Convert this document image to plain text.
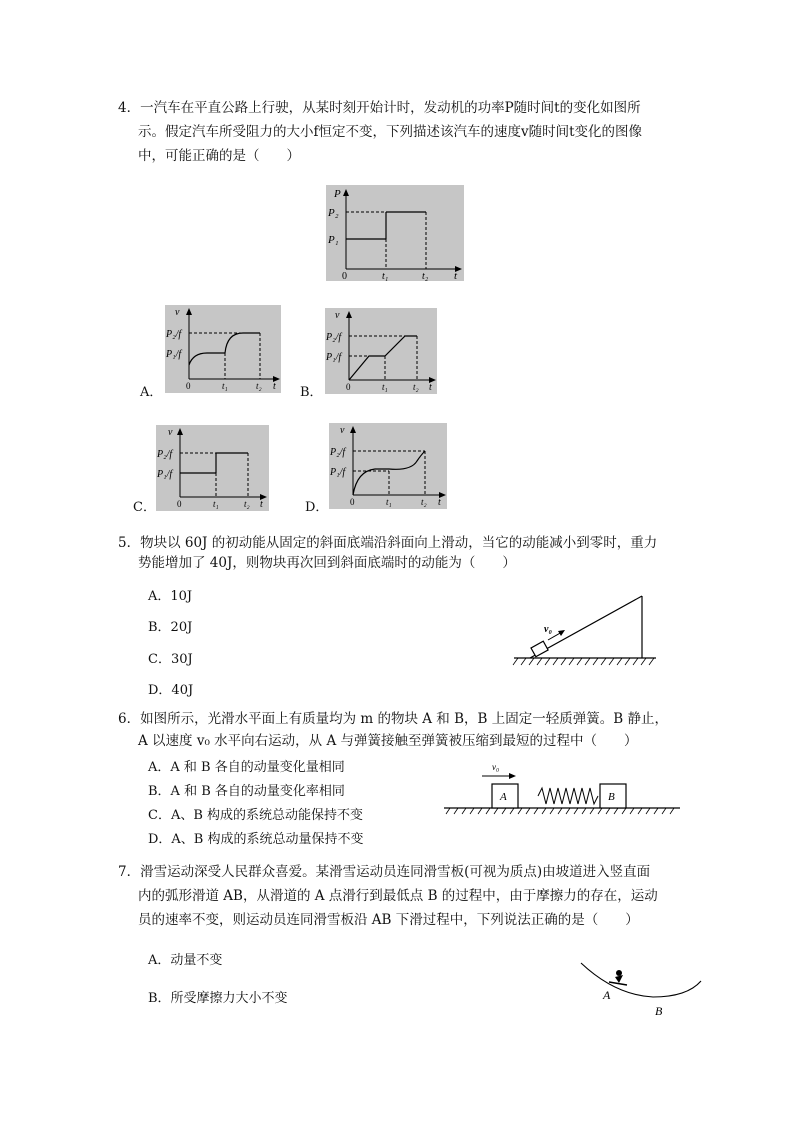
4．一汽车在平直公路上行驶，从某时刻开始计时，发动机的功率P随时间t的变化如图所
示。假定汽车所受阻力的大小f恒定不变，下列描述该汽车的速度v随时间t变化的图像
中，可能正确的是（　　）
P
P₂
P₁
0	t₁	t₂ t
A．
v
P₂/f
P₁/f
0	t₁	t₂ t B．
v
P₂/f
P₁/f
0	t₁	t₂ t
C．
v
P₂/f
P₁/f
0	t₁	t₂ t	D．
v
P₂/f
P₁/f
0	t₁	t₂ t
5．物块以 60J 的初动能从固定的斜面底端沿斜面向上滑动，当它的动能减小到零时，重力
势能增加了 40J，则物块再次回到斜面底端时的动能为（　　）
A．10J
B．20J
C．30J
D．40J
v₀
6．如图所示，光滑水平面上有质量均为 m 的物块 A 和 B，B 上固定一轻质弹簧。B 静止，
A 以速度 v₀ 水平向右运动，从 A 与弹簧接触至弹簧被压缩到最短的过程中（　　）
A．A 和 B 各自的动量变化量相同
B．A 和 B 各自的动量变化率相同
C．A、B 构成的系统总动能保持不变
D．A、B 构成的系统总动量保持不变
v₀
A	B
7．滑雪运动深受人民群众喜爱。某滑雪运动员连同滑雪板(可视为质点)由坡道进入竖直面
内的弧形滑道 AB，从滑道的 A 点滑行到最低点 B 的过程中，由于摩擦力的存在，运动
员的速率不变，则运动员连同滑雪板沿 AB 下滑过程中，下列说法正确的是（　　）
A．动量不变
B．所受摩擦力大小不变	A
B
